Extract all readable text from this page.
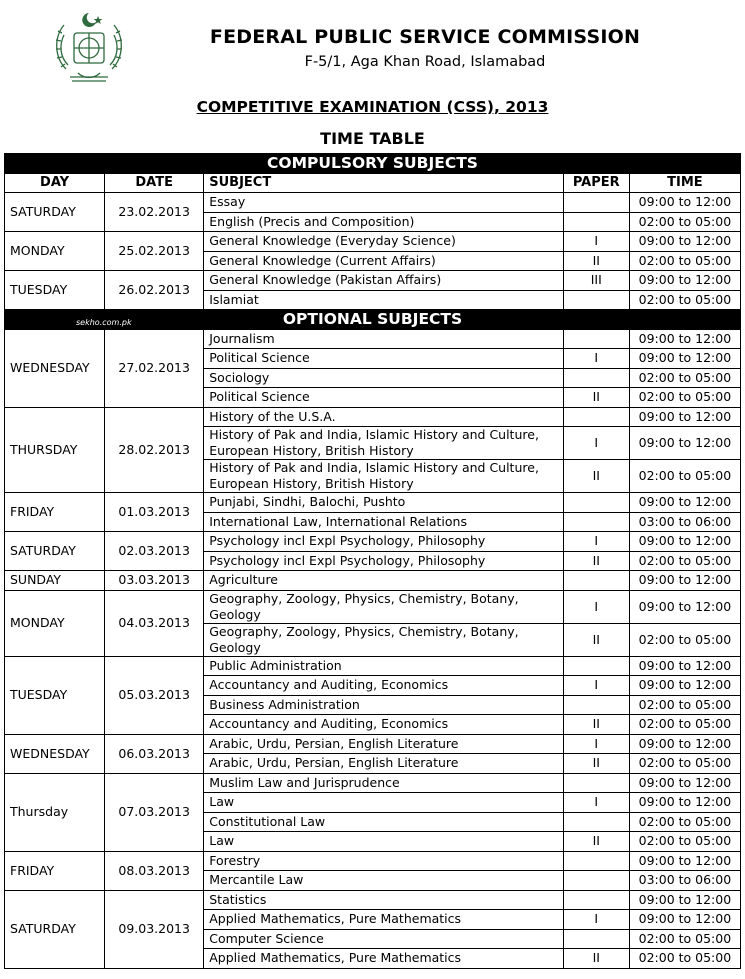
FEDERAL PUBLIC SERVICE COMMISSION
F-5/1, Aga Khan Road, Islamabad
COMPETITIVE EXAMINATION (CSS), 2013
TIME TABLE
COMPULSORY SUBJECTS				
DAY	DATE	SUBJECT	PAPER	TIME
SATURDAY	23.02.2013	Essay		09:00 to 12:00
		English (Precis and Composition)		02:00 to 05:00
MONDAY	25.02.2013	General Knowledge (Everyday Science)	I	09:00 to 12:00
		General Knowledge (Current Affairs)	II	02:00 to 05:00
TUESDAY	26.02.2013	General Knowledge (Pakistan Affairs)	III	09:00 to 12:00
		Islamiat		02:00 to 05:00

sekho.com.pk OPTIONAL SUBJECTS				

WEDNESDAY	27.02.2013	Journalism		09:00 to 12:00
		Political Science	I	09:00 to 12:00
		Sociology		02:00 to 05:00
		Political Science	II	02:00 to 05:00
THURSDAY	28.02.2013	History of the U.S.A.		09:00 to 12:00
		History of Pak and India, Islamic History and Culture, European History, British History	I	09:00 to 12:00
		History of Pak and India, Islamic History and Culture, European History, British History	II	02:00 to 05:00
FRIDAY	01.03.2013	Punjabi, Sindhi, Balochi, Pushto		09:00 to 12:00
		International Law, International Relations		03:00 to 06:00
SATURDAY	02.03.2013	Psychology incl Expl Psychology, Philosophy	I	09:00 to 12:00
		Psychology incl Expl Psychology, Philosophy	II	02:00 to 05:00
SUNDAY	03.03.2013	Agriculture		09:00 to 12:00
MONDAY	04.03.2013	Geography, Zoology, Physics, Chemistry, Botany, Geology	I	09:00 to 12:00
		Geography, Zoology, Physics, Chemistry, Botany, Geology	II	02:00 to 05:00
TUESDAY	05.03.2013	Public Administration		09:00 to 12:00
		Accountancy and Auditing, Economics	I	09:00 to 12:00
		Business Administration		02:00 to 05:00
		Accountancy and Auditing, Economics	II	02:00 to 05:00
WEDNESDAY	06.03.2013	Arabic, Urdu, Persian, English Literature	I	09:00 to 12:00
		Arabic, Urdu, Persian, English Literature	II	02:00 to 05:00
Thursday	07.03.2013	Muslim Law and Jurisprudence		09:00 to 12:00
		Law	I	09:00 to 12:00
		Constitutional Law		02:00 to 05:00
		Law	II	02:00 to 05:00
FRIDAY	08.03.2013	Forestry		09:00 to 12:00
		Mercantile Law		03:00 to 06:00
SATURDAY	09.03.2013	Statistics		09:00 to 12:00
		Applied Mathematics, Pure Mathematics	I	09:00 to 12:00
		Computer Science		02:00 to 05:00
		Applied Mathematics, Pure Mathematics	II	02:00 to 05:00
